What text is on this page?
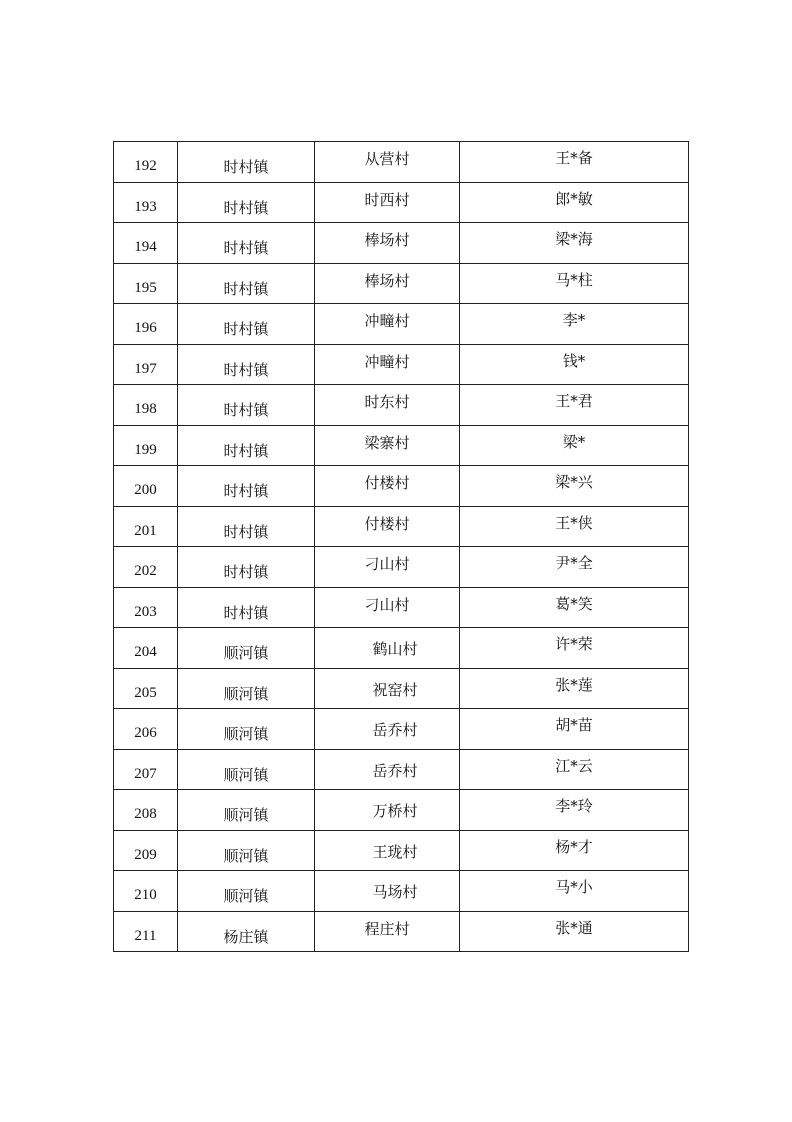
192	时村镇	从营村	王*备
193	时村镇	时西村	郎*敏
194	时村镇	棒场村	梁*海
195	时村镇	棒场村	马*柱
196	时村镇	冲疃村	李*
197	时村镇	冲疃村	钱*
198	时村镇	时东村	王*君
199	时村镇	梁寨村	梁*
200	时村镇	付楼村	梁*兴
201	时村镇	付楼村	王*侠
202	时村镇	刁山村	尹*全
203	时村镇	刁山村	葛*笑
204	顺河镇	鹤山村	许*荣
205	顺河镇	祝窑村	张*莲
206	顺河镇	岳乔村	胡*苗
207	顺河镇	岳乔村	江*云
208	顺河镇	万桥村	李*玲
209	顺河镇	王珑村	杨*才
210	顺河镇	马场村	马*小
211	杨庄镇	程庄村	张*通
